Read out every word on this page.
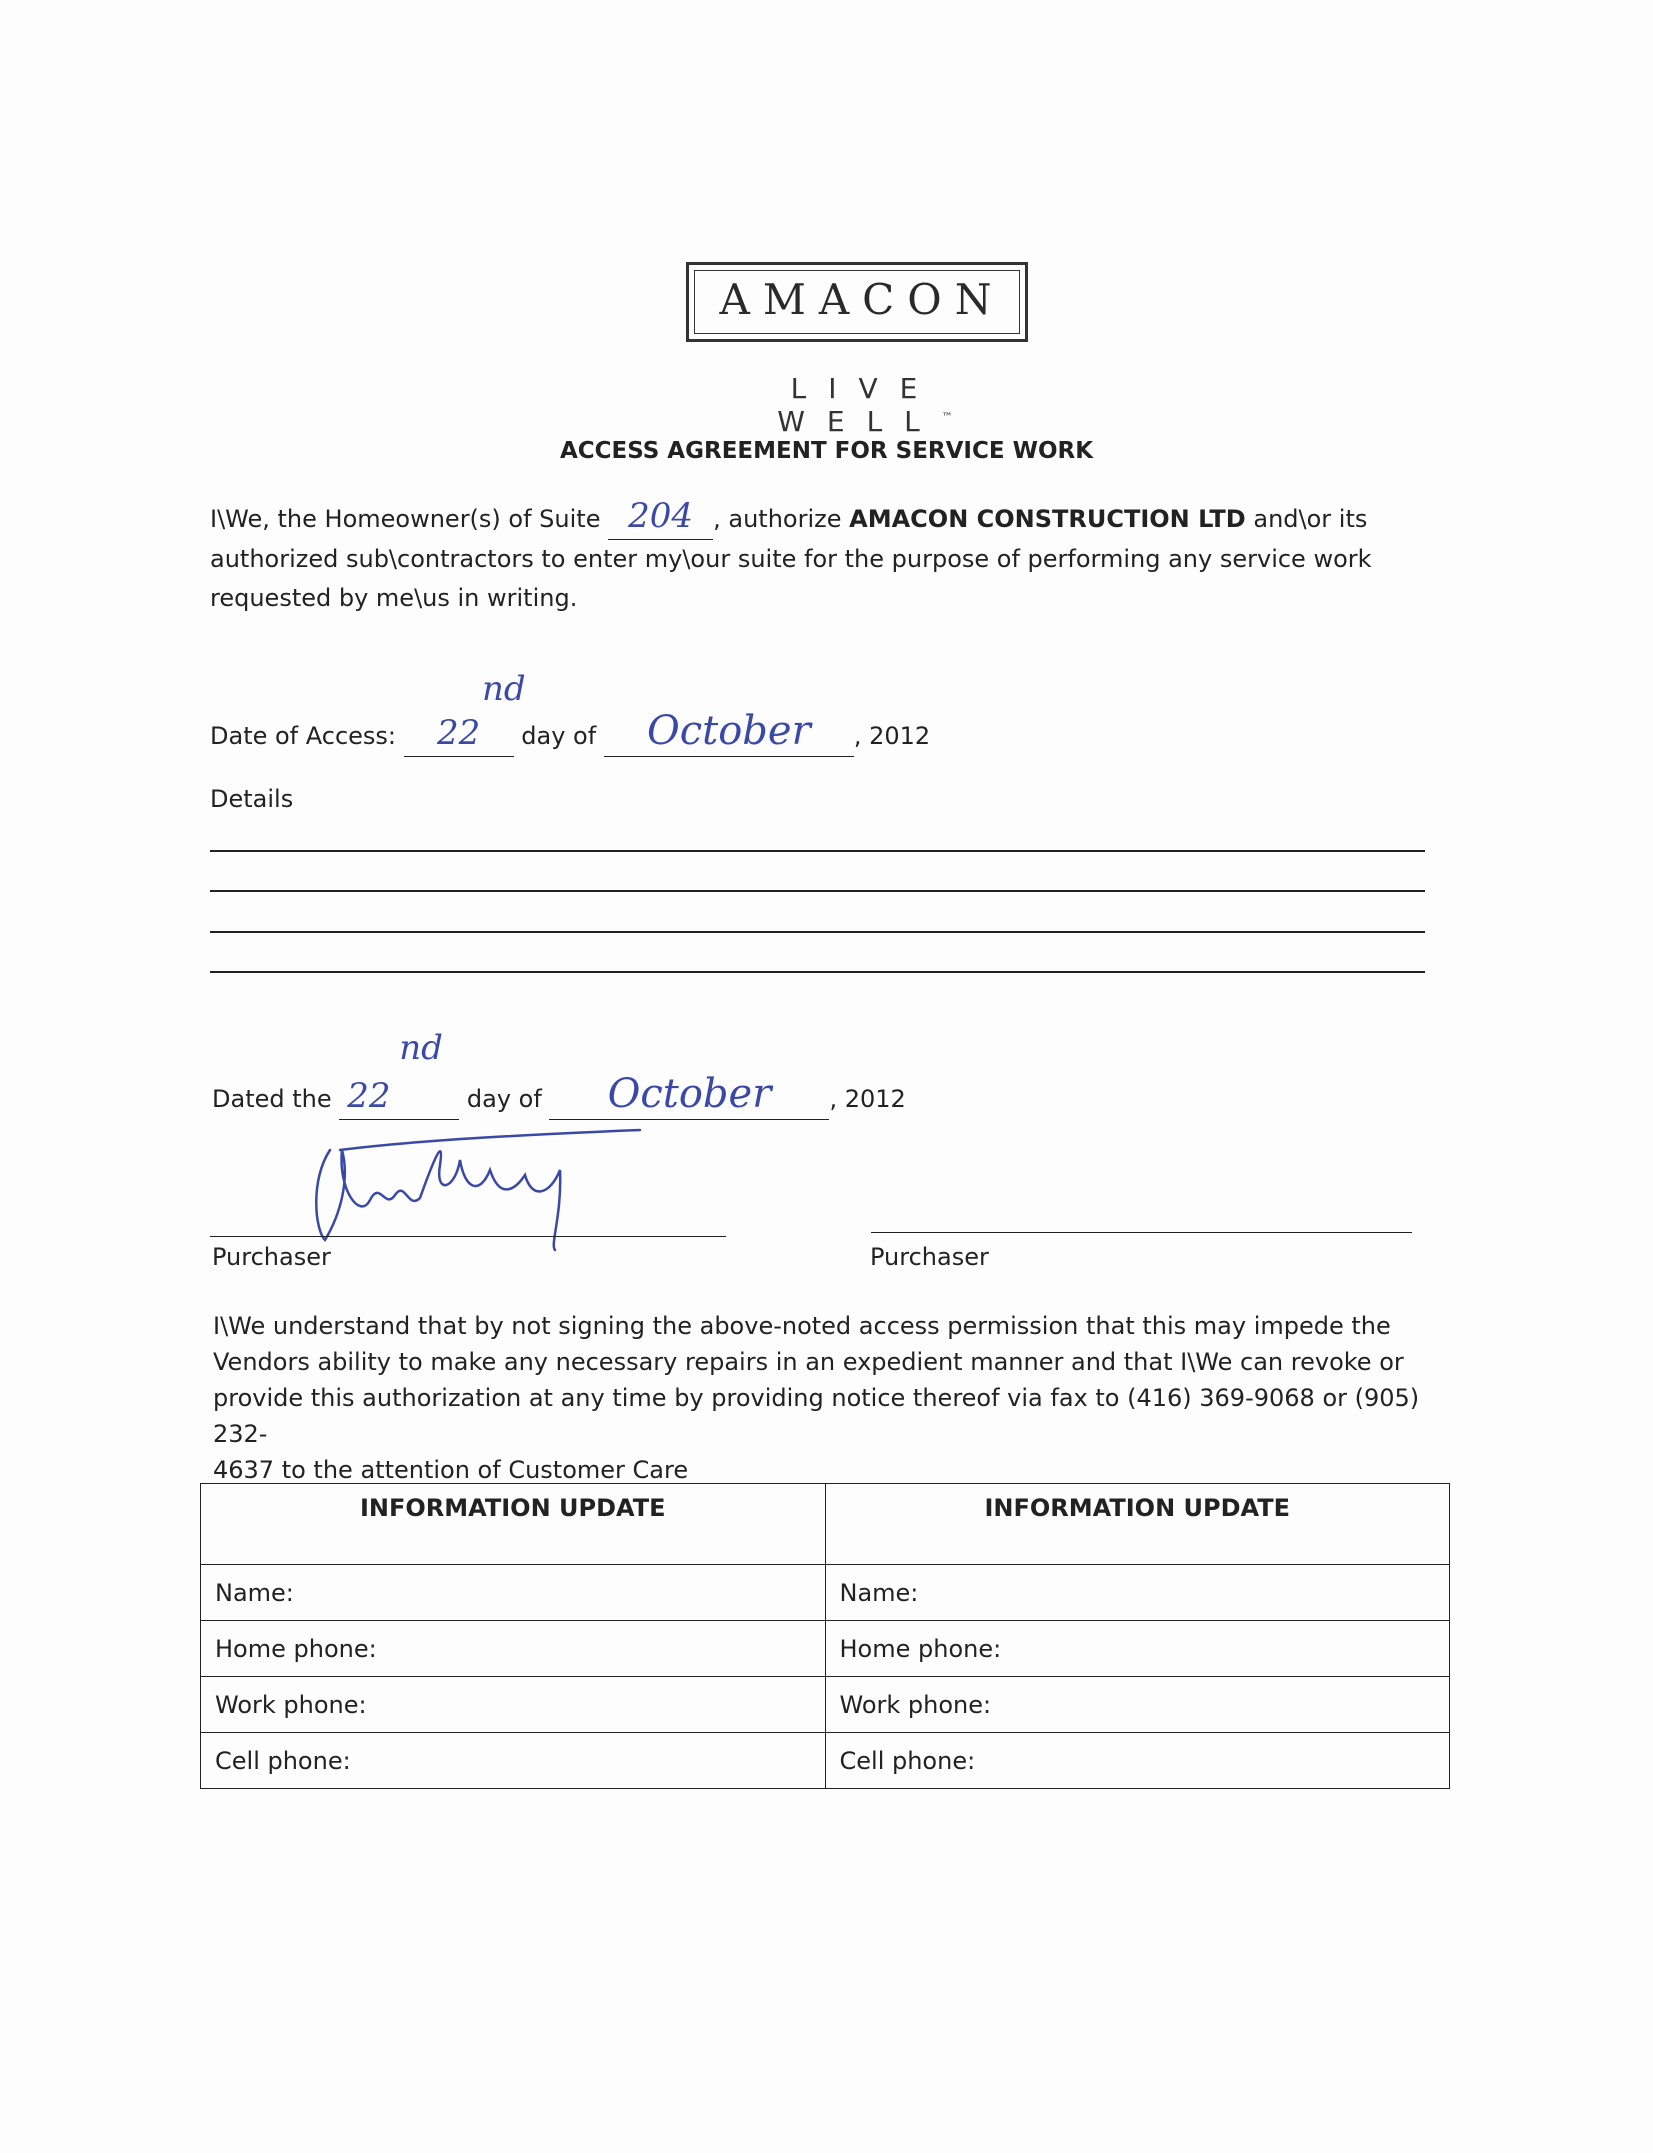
AMACON
LIVE WELL™
ACCESS AGREEMENT FOR SERVICE WORK
I\We, the Homeowner(s) of Suite 204 , authorize AMACON CONSTRUCTION LTD and\or its
authorized sub\contractors to enter my\our suite for the purpose of performing any service work
requested by me\us in writing.
Date of Access: 22
nd
day of October , 2012
Details
Dated the 22
nd
day of October , 2012
Purchaser	Purchaser
I\We understand that by not signing the above-noted access permission that this may impede the
Vendors ability to make any necessary repairs in an expedient manner and that I\We can revoke or
provide this authorization at any time by providing notice thereof via fax to (416) 369-9068 or (905) 232-
4637 to the attention of Customer Care
INFORMATION UPDATE	INFORMATION UPDATE
Name:	Name:
Home phone:	Home phone:
Work phone:	Work phone:
Cell phone:	Cell phone:
